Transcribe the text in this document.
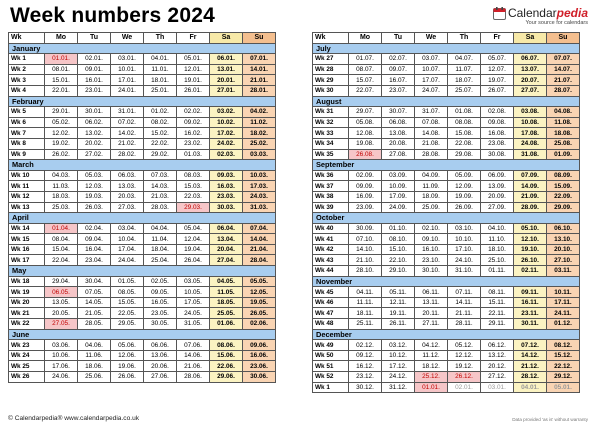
Week numbers 2024	Calendarpedia
Your source for calendars
Wk	Mo	Tu	We	Th	Fr	Sa	Su
January							
Wk 1	01.01.	02.01.	03.01.	04.01.	05.01.	06.01.	07.01.
Wk 2	08.01.	09.01.	10.01.	11.01.	12.01.	13.01.	14.01.
Wk 3	15.01.	16.01.	17.01.	18.01.	19.01.	20.01.	21.01.
Wk 4	22.01.	23.01.	24.01.	25.01.	26.01.	27.01.	28.01.
February							
Wk 5	29.01.	30.01.	31.01.	01.02.	02.02.	03.02.	04.02.
Wk 6	05.02.	06.02.	07.02.	08.02.	09.02.	10.02.	11.02.
Wk 7	12.02.	13.02.	14.02.	15.02.	16.02.	17.02.	18.02.
Wk 8	19.02.	20.02.	21.02.	22.02.	23.02.	24.02.	25.02.
Wk 9	26.02.	27.02.	28.02.	29.02.	01.03.	02.03.	03.03.
March							
Wk 10	04.03.	05.03.	06.03.	07.03.	08.03.	09.03.	10.03.
Wk 11	11.03.	12.03.	13.03.	14.03.	15.03.	16.03.	17.03.
Wk 12	18.03.	19.03.	20.03.	21.03.	22.03.	23.03.	24.03.
Wk 13	25.03.	26.03.	27.03.	28.03.	29.03.	30.03.	31.03.
April							
Wk 14	01.04.	02.04.	03.04.	04.04.	05.04.	06.04.	07.04.
Wk 15	08.04.	09.04.	10.04.	11.04.	12.04.	13.04.	14.04.
Wk 16	15.04.	16.04.	17.04.	18.04.	19.04.	20.04.	21.04.
Wk 17	22.04.	23.04.	24.04.	25.04.	26.04.	27.04.	28.04.
May							
Wk 18	29.04.	30.04.	01.05.	02.05.	03.05.	04.05.	05.05.
Wk 19	06.05.	07.05.	08.05.	09.05.	10.05.	11.05.	12.05.
Wk 20	13.05.	14.05.	15.05.	16.05.	17.05.	18.05.	19.05.
Wk 21	20.05.	21.05.	22.05.	23.05.	24.05.	25.05.	26.05.
Wk 22	27.05.	28.05.	29.05.	30.05.	31.05.	01.06.	02.06.
June							
Wk 23	03.06.	04.06.	05.06.	06.06.	07.06.	08.06.	09.06.
Wk 24	10.06.	11.06.	12.06.	13.06.	14.06.	15.06.	16.06.
Wk 25	17.06.	18.06.	19.06.	20.06.	21.06.	22.06.	23.06.
Wk 26	24.06.	25.06.	26.06.	27.06.	28.06.	29.06.	30.06.
Wk	Mo	Tu	We	Th	Fr	Sa	Su
July							
Wk 27	01.07.	02.07.	03.07.	04.07.	05.07.	06.07.	07.07.
Wk 28	08.07.	09.07.	10.07.	11.07.	12.07.	13.07.	14.07.
Wk 29	15.07.	16.07.	17.07.	18.07.	19.07.	20.07.	21.07.
Wk 30	22.07.	23.07.	24.07.	25.07.	26.07.	27.07.	28.07.
August							
Wk 31	29.07.	30.07.	31.07.	01.08.	02.08.	03.08.	04.08.
Wk 32	05.08.	06.08.	07.08.	08.08.	09.08.	10.08.	11.08.
Wk 33	12.08.	13.08.	14.08.	15.08.	16.08.	17.08.	18.08.
Wk 34	19.08.	20.08.	21.08.	22.08.	23.08.	24.08.	25.08.
Wk 35	26.08.	27.08.	28.08.	29.08.	30.08.	31.08.	01.09.
September							
Wk 36	02.09.	03.09.	04.09.	05.09.	06.09.	07.09.	08.09.
Wk 37	09.09.	10.09.	11.09.	12.09.	13.09.	14.09.	15.09.
Wk 38	16.09.	17.09.	18.09.	19.09.	20.09.	21.09.	22.09.
Wk 39	23.09.	24.09.	25.09.	26.09.	27.09.	28.09.	29.09.
October							
Wk 40	30.09.	01.10.	02.10.	03.10.	04.10.	05.10.	06.10.
Wk 41	07.10.	08.10.	09.10.	10.10.	11.10.	12.10.	13.10.
Wk 42	14.10.	15.10.	16.10.	17.10.	18.10.	19.10.	20.10.
Wk 43	21.10.	22.10.	23.10.	24.10.	25.10.	26.10.	27.10.
Wk 44	28.10.	29.10.	30.10.	31.10.	01.11.	02.11.	03.11.
November							
Wk 45	04.11.	05.11.	06.11.	07.11.	08.11.	09.11.	10.11.
Wk 46	11.11.	12.11.	13.11.	14.11.	15.11.	16.11.	17.11.
Wk 47	18.11.	19.11.	20.11.	21.11.	22.11.	23.11.	24.11.
Wk 48	25.11.	26.11.	27.11.	28.11.	29.11.	30.11.	01.12.
December							
Wk 49	02.12.	03.12.	04.12.	05.12.	06.12.	07.12.	08.12.
Wk 50	09.12.	10.12.	11.12.	12.12.	13.12.	14.12.	15.12.
Wk 51	16.12.	17.12.	18.12.	19.12.	20.12.	21.12.	22.12.
Wk 52	23.12.	24.12.	25.12.	26.12.	27.12.	28.12.	29.12.
Wk 1	30.12.	31.12.	01.01.	02.01.	03.01.	04.01.	05.01.
© Calendarpedia® www.calendarpedia.co.uk	Data provided 'as is' without warranty
